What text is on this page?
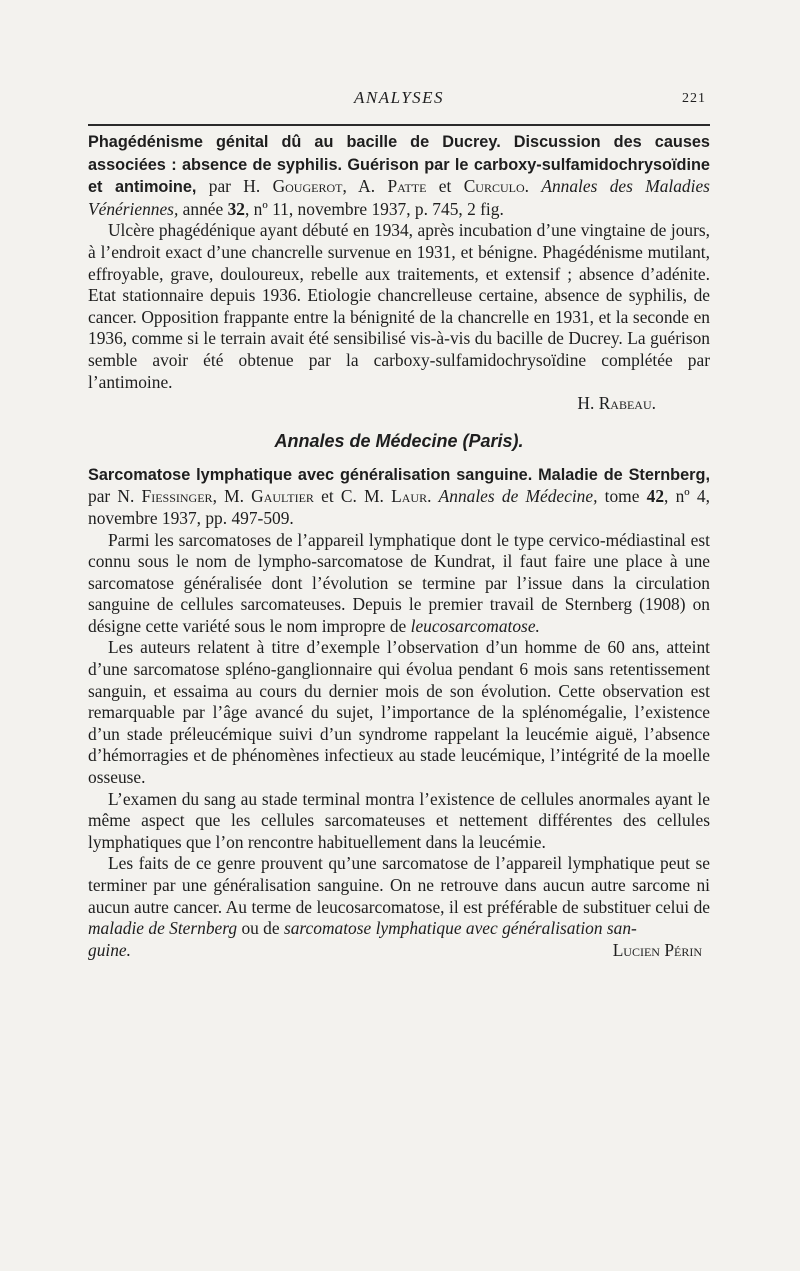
ANALYSES	221

Phagédénisme génital dû au bacille de Ducrey. Discussion des causes associées : absence de syphilis. Guérison par le carboxy-sulfamidochrysoïdine et antimoine, par H. Gougerot, A. Patte et Curculo. Annales des Maladies Vénériennes, année 32, nº 11, novembre 1937, p. 745, 2 fig.

Ulcère phagédénique ayant débuté en 1934, après incubation d’une vingtaine de jours, à l’endroit exact d’une chancrelle survenue en 1931, et bénigne. Phagédénisme mutilant, effroyable, grave, douloureux, rebelle aux traitements, et extensif ; absence d’adénite. Etat stationnaire depuis 1936. Etiologie chancrelleuse certaine, absence de syphilis, de cancer. Opposition frappante entre la bénignité de la chancrelle en 1931, et la seconde en 1936, comme si le terrain avait été sensibilisé vis-à-vis du bacille de Ducrey. La guérison semble avoir été obtenue par la carboxy-sulfamidochrysoïdine complétée par l’antimoine.

H. Rabeau.

Annales de Médecine (Paris).

Sarcomatose lymphatique avec généralisation sanguine. Maladie de Sternberg, par N. Fiessinger, M. Gaultier et C. M. Laur. Annales de Médecine, tome 42, nº 4, novembre 1937, pp. 497-509.

Parmi les sarcomatoses de l’appareil lymphatique dont le type cervico-médiastinal est connu sous le nom de lympho-sarcomatose de Kundrat, il faut faire une place à une sarcomatose généralisée dont l’évolution se termine par l’issue dans la circulation sanguine de cellules sarcomateuses. Depuis le premier travail de Sternberg (1908) on désigne cette variété sous le nom impropre de leucosarcomatose.

Les auteurs relatent à titre d’exemple l’observation d’un homme de 60 ans, atteint d’une sarcomatose spléno-ganglionnaire qui évolua pendant 6 mois sans retentissement sanguin, et essaima au cours du dernier mois de son évolution. Cette observation est remarquable par l’âge avancé du sujet, l’importance de la splénomégalie, l’existence d’un stade préleucémique suivi d’un syndrome rappelant la leucémie aiguë, l’absence d’hémorragies et de phénomènes infectieux au stade leucémique, l’intégrité de la moelle osseuse.

L’examen du sang au stade terminal montra l’existence de cellules anormales ayant le même aspect que les cellules sarcomateuses et nettement différentes des cellules lymphatiques que l’on rencontre habituellement dans la leucémie.

Les faits de ce genre prouvent qu’une sarcomatose de l’appareil lymphatique peut se terminer par une généralisation sanguine. On ne retrouve dans aucun autre sarcome ni aucun autre cancer. Au terme de leucosarcomatose, il est préférable de substituer celui de maladie de Sternberg ou de sarcomatose lymphatique avec généralisation san-

guine.	Lucien Périn
